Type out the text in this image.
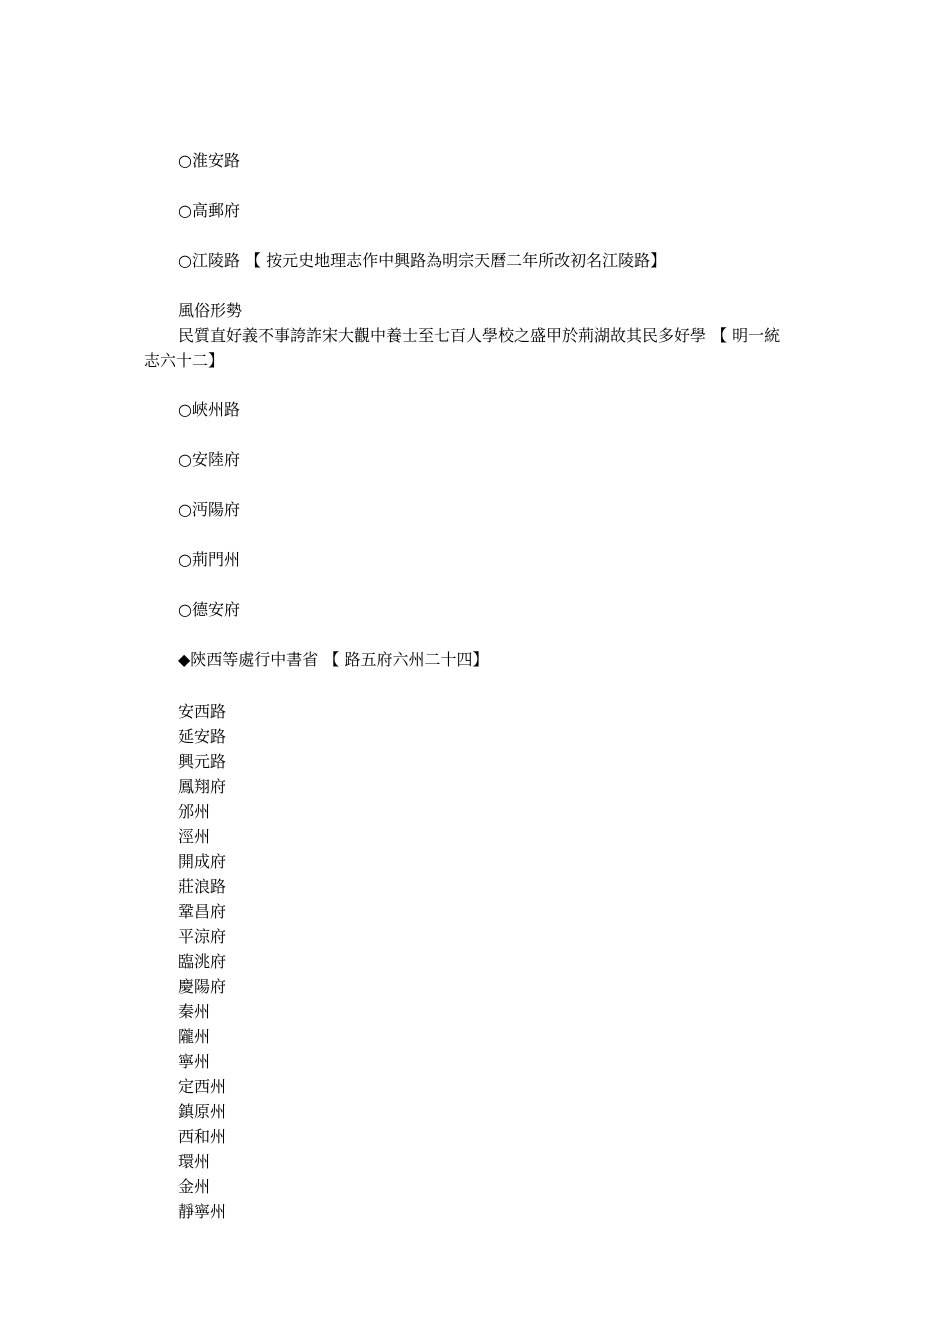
○淮安路
○高郵府
○江陵路 【 按元史地理志作中興路為明宗天曆二年所改初名江陵路】
風俗形勢
民質直好義不事誇詐宋大觀中養士至七百人學校之盛甲於荊湖故其民多好學 【 明一統
志六十二】
○峽州路
○安陸府
○沔陽府
○荊門州
○德安府
◆陝西等處行中書省 【 路五府六州二十四】
安西路
延安路
興元路
鳳翔府
邠州
涇州
開成府
莊浪路
鞏昌府
平涼府
臨洮府
慶陽府
秦州
隴州
寧州
定西州
鎮原州
西和州
環州
金州
靜寧州
